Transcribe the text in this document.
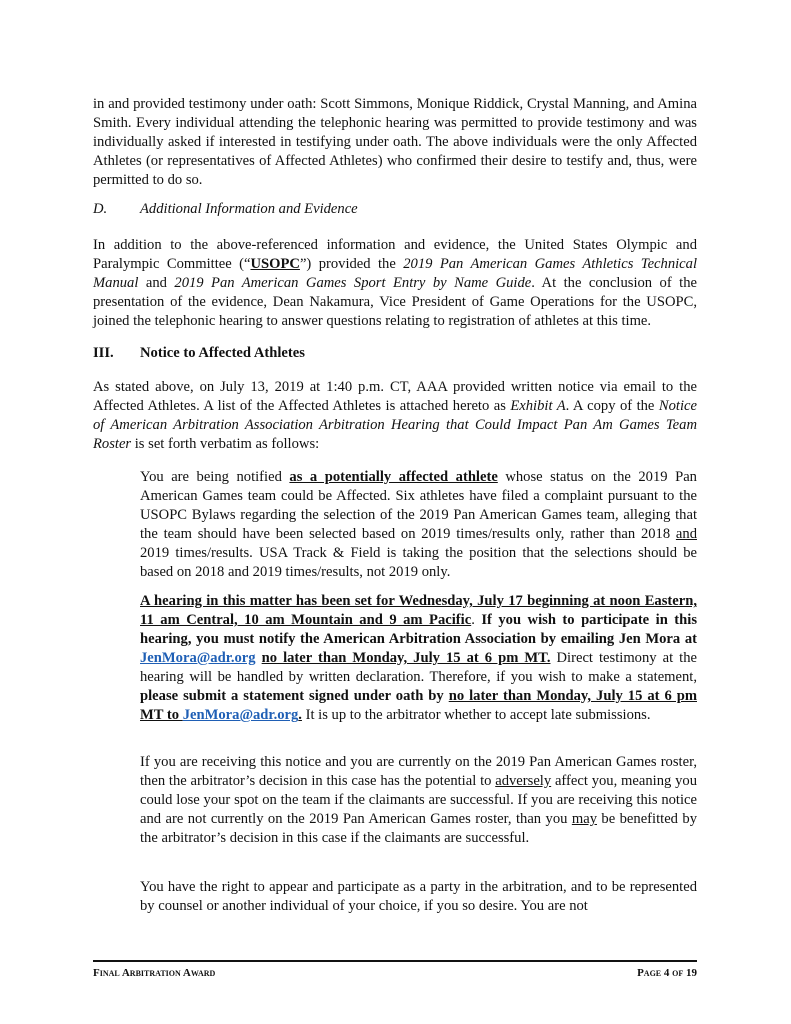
in and provided testimony under oath: Scott Simmons, Monique Riddick, Crystal Manning, and Amina Smith. Every individual attending the telephonic hearing was permitted to provide testimony and was individually asked if interested in testifying under oath. The above individuals were the only Affected Athletes (or representatives of Affected Athletes) who confirmed their desire to testify and, thus, were permitted to do so.

D. Additional Information and Evidence

In addition to the above-referenced information and evidence, the United States Olympic and Paralympic Committee (“USOPC”) provided the 2019 Pan American Games Athletics Technical Manual and 2019 Pan American Games Sport Entry by Name Guide. At the conclusion of the presentation of the evidence, Dean Nakamura, Vice President of Game Operations for the USOPC, joined the telephonic hearing to answer questions relating to registration of athletes at this time.

III. Notice to Affected Athletes

As stated above, on July 13, 2019 at 1:40 p.m. CT, AAA provided written notice via email to the Affected Athletes. A list of the Affected Athletes is attached hereto as Exhibit A. A copy of the Notice of American Arbitration Association Arbitration Hearing that Could Impact Pan Am Games Team Roster is set forth verbatim as follows:

You are being notified as a potentially affected athlete whose status on the 2019 Pan American Games team could be Affected. Six athletes have filed a complaint pursuant to the USOPC Bylaws regarding the selection of the 2019 Pan American Games team, alleging that the team should have been selected based on 2019 times/results only, rather than 2018 and 2019 times/results. USA Track & Field is taking the position that the selections should be based on 2018 and 2019 times/results, not 2019 only.

A hearing in this matter has been set for Wednesday, July 17 beginning at noon Eastern, 11 am Central, 10 am Mountain and 9 am Pacific. If you wish to participate in this hearing, you must notify the American Arbitration Association by emailing Jen Mora at JenMora@adr.org no later than Monday, July 15 at 6 pm MT. Direct testimony at the hearing will be handled by written declaration. Therefore, if you wish to make a statement, please submit a statement signed under oath by no later than Monday, July 15 at 6 pm MT to JenMora@adr.org. It is up to the arbitrator whether to accept late submissions.

If you are receiving this notice and you are currently on the 2019 Pan American Games roster, then the arbitrator’s decision in this case has the potential to adversely affect you, meaning you could lose your spot on the team if the claimants are successful. If you are receiving this notice and are not currently on the 2019 Pan American Games roster, than you may be benefitted by the arbitrator’s decision in this case if the claimants are successful.

You have the right to appear and participate as a party in the arbitration, and to be represented by counsel or another individual of your choice, if you so desire. You are not

Final Arbitration Award	Page 4 of 19
